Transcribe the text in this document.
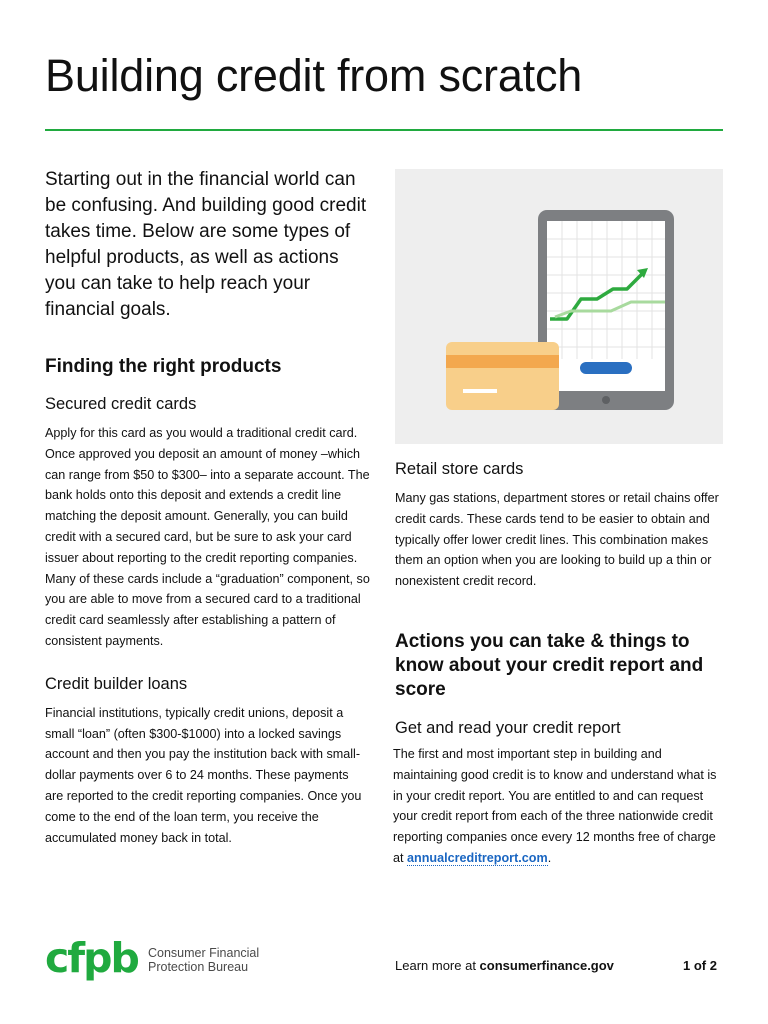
Building credit from scratch

Starting out in the financial world can be confusing. And building good credit takes time. Below are some types of helpful products, as well as actions you can take to help reach your financial goals.

Finding the right products
Secured credit cards

Apply for this card as you would a traditional credit card. Once approved you deposit an amount of money –which can range from $50 to $300– into a separate account. The bank holds onto this deposit and extends a credit line matching the deposit amount. Generally, you can build credit with a secured card, but be sure to ask your card issuer about reporting to the credit reporting companies. Many of these cards include a “graduation” component, so you are able to move from a secured card to a traditional credit card seamlessly after establishing a pattern of consistent payments.

Credit builder loans

Financial institutions, typically credit unions, deposit a small “loan” (often $300-$1000) into a locked savings account and then you pay the institution back with small-dollar payments over 6 to 24 months. These payments are reported to the credit reporting companies. Once you come to the end of the loan term, you receive the accumulated money back in total.

Retail store cards

Many gas stations, department stores or retail chains offer credit cards. These cards tend to be easier to obtain and typically offer lower credit lines. This combination makes them an option when you are looking to build up a thin or nonexistent credit record.

Actions you can take & things to know about your credit report and score
Get and read your credit report

The first and most important step in building and maintaining good credit is to know and understand what is in your credit report. You are entitled to and can request your credit report from each of the three nationwide credit reporting companies once every 12 months free of charge at annualcreditreport.com.

cfpb Consumer Financial
Protection Bureau	Learn more at consumerfinance.gov	1 of 2
